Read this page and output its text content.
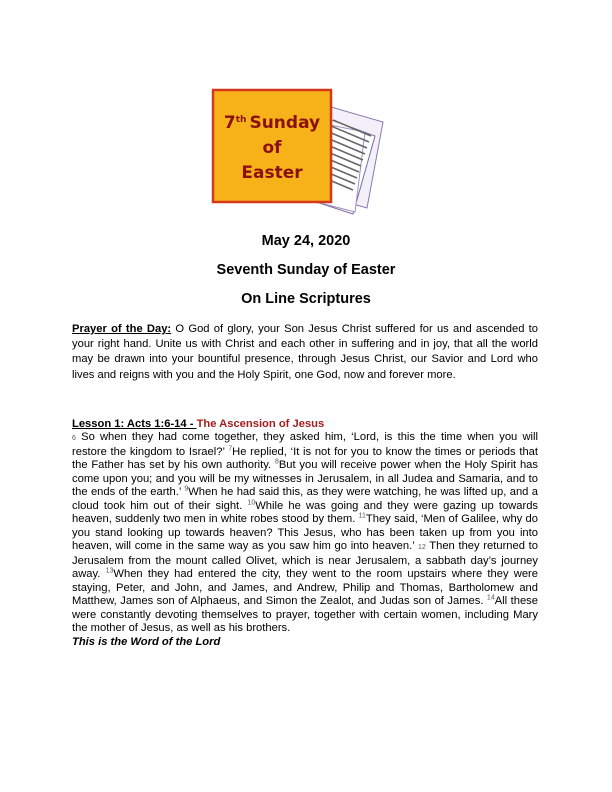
7th Sunday
of
Easter
May 24, 2020
Seventh Sunday of Easter
On Line Scriptures
Prayer of the Day: O God of glory, your Son Jesus Christ suffered for us and ascended to your right hand. Unite us with Christ and each other in suffering and in joy, that all the world may be drawn into your bountiful presence, through Jesus Christ, our Savior and Lord who lives and reigns with you and the Holy Spirit, one God, now and forever more.
Lesson 1: Acts 1:6-14 - The Ascension of Jesus
6 So when they had come together, they asked him, ‘Lord, is this the time when you will restore the kingdom to Israel?’ $^7$He replied, ‘It is not for you to know the times or periods that the Father has set by his own authority. $^8$But you will receive power when the Holy Spirit has come upon you; and you will be my witnesses in Jerusalem, in all Judea and Samaria, and to the ends of the earth.’ $^9$When he had said this, as they were watching, he was lifted up, and a cloud took him out of their sight. $^{10}$While he was going and they were gazing up towards heaven, suddenly two men in white robes stood by them. $^{11}$They said, ‘Men of Galilee, why do you stand looking up towards heaven? This Jesus, who has been taken up from you into heaven, will come in the same way as you saw him go into heaven.’ 12 Then they returned to Jerusalem from the mount called Olivet, which is near Jerusalem, a sabbath day’s journey away. $^{13}$When they had entered the city, they went to the room upstairs where they were staying, Peter, and John, and James, and Andrew, Philip and Thomas, Bartholomew and Matthew, James son of Alphaeus, and Simon the Zealot, and Judas son of James. $^{14}$All these were constantly devoting themselves to prayer, together with certain women, including Mary the mother of Jesus, as well as his brothers.
This is the Word of the Lord
